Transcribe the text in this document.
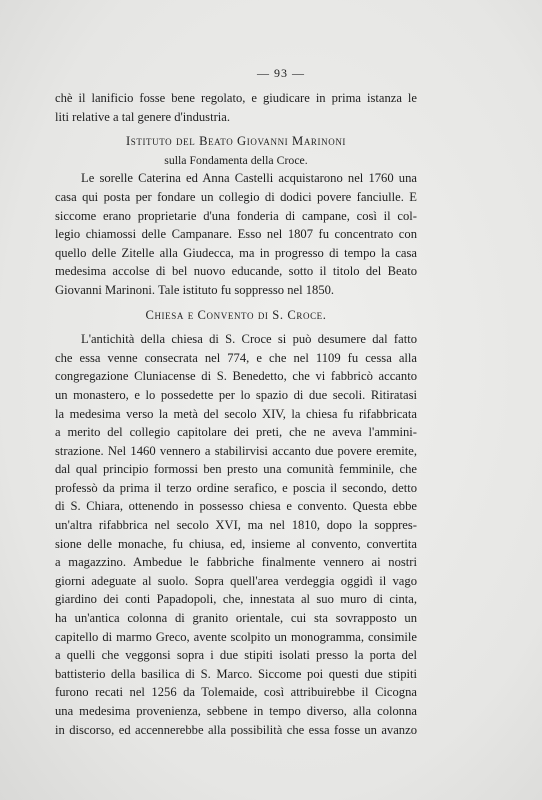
— 93 —
chè il lanificio fosse bene regolato, e giudicare in prima istanza le
liti relative a tal genere d'industria.

Istituto del Beato Giovanni Marinoni

sulla Fondamenta della Croce.

Le sorelle Caterina ed Anna Castelli acquistarono nel 1760 una
casa qui posta per fondare un collegio di dodici povere fanciulle. E
siccome erano proprietarie d'una fonderia di campane, così il col-
legio chiamossi delle Campanare. Esso nel 1807 fu concentrato con
quello delle Zitelle alla Giudecca, ma in progresso di tempo la casa
medesima accolse di bel nuovo educande, sotto il titolo del Beato
Giovanni Marinoni. Tale istituto fu soppresso nel 1850.

Chiesa e Convento di S. Croce.

L'antichità della chiesa di S. Croce si può desumere dal fatto
che essa venne consecrata nel 774, e che nel 1109 fu cessa alla
congregazione Cluniacense di S. Benedetto, che vi fabbricò accanto
un monastero, e lo possedette per lo spazio di due secoli. Ritiratasi
la medesima verso la metà del secolo XIV, la chiesa fu rifabbricata
a merito del collegio capitolare dei preti, che ne aveva l'ammini-
strazione. Nel 1460 vennero a stabilirvisi accanto due povere eremite,
dal qual principio formossi ben presto una comunità femminile, che
professò da prima il terzo ordine serafico, e poscia il secondo, detto
di S. Chiara, ottenendo in possesso chiesa e convento. Questa ebbe
un'altra rifabbrica nel secolo XVI, ma nel 1810, dopo la soppres-
sione delle monache, fu chiusa, ed, insieme al convento, convertita
a magazzino. Ambedue le fabbriche finalmente vennero ai nostri
giorni adeguate al suolo. Sopra quell'area verdeggia oggidì il vago
giardino dei conti Papadopoli, che, innestata al suo muro di cinta,
ha un'antica colonna di granito orientale, cui sta sovrapposto un
capitello di marmo Greco, avente scolpito un monogramma, consimile
a quelli che veggonsi sopra i due stipiti isolati presso la porta del
battisterio della basilica di S. Marco. Siccome poi questi due stipiti
furono recati nel 1256 da Tolemaide, così attribuirebbe il Cicogna
una medesima provenienza, sebbene in tempo diverso, alla colonna
in discorso, ed accennerebbe alla possibilità che essa fosse un avanzo
